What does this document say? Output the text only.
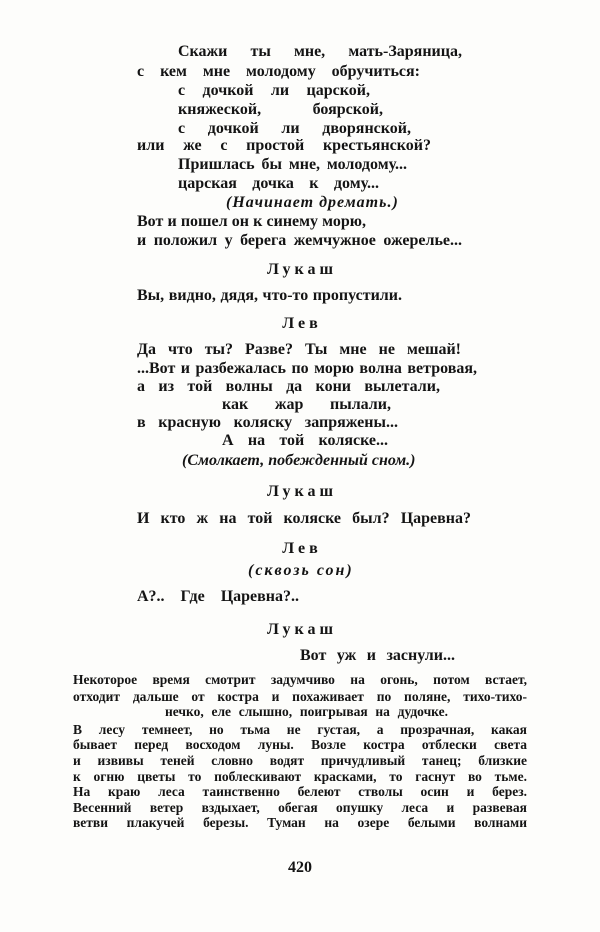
Скажи ты мне, мать-Заряница,
с кем мне молодому обручиться:
с дочкой ли царской,
княжеской, боярской,
с дочкой ли дворянской,
или же с простой крестьянской?
Пришлась бы мне, молодому...
царская дочка к дому...
(Начинает дремать.)
Вот и пошел он к синему морю,
и положил у берега жемчужное ожерелье...
Лукаш
Вы, видно, дядя, что-то пропустили.
Лев
Да что ты? Разве? Ты мне не мешай!
...Вот и разбежалась по морю волна ветровая,
а из той волны да кони вылетали,
как жар пылали,
в красную коляску запряжены...
А на той коляске...
(Смолкает, побежденный сном.)
Лукаш
И кто ж на той коляске был? Царевна?
Лев
(сквозь сон)
А?.. Где Царевна?..
Лукаш
Вот уж и заснули...
Некоторое время смотрит задумчиво на огонь, потом встает,
отходит дальше от костра и похаживает по поляне, тихо-тихо-
нечко, еле слышно, поигрывая на дудочке.
В лесу темнеет, но тьма не густая, а прозрачная, какая
бывает перед восходом луны. Возле костра отблески света
и извивы теней словно водят причудливый танец; близкие
к огню цветы то поблескивают красками, то гаснут во тьме.
На краю леса таинственно белеют стволы осин и берез.
Весенний ветер вздыхает, обегая опушку леса и развевая
ветви плакучей березы. Туман на озере белыми волнами
420
